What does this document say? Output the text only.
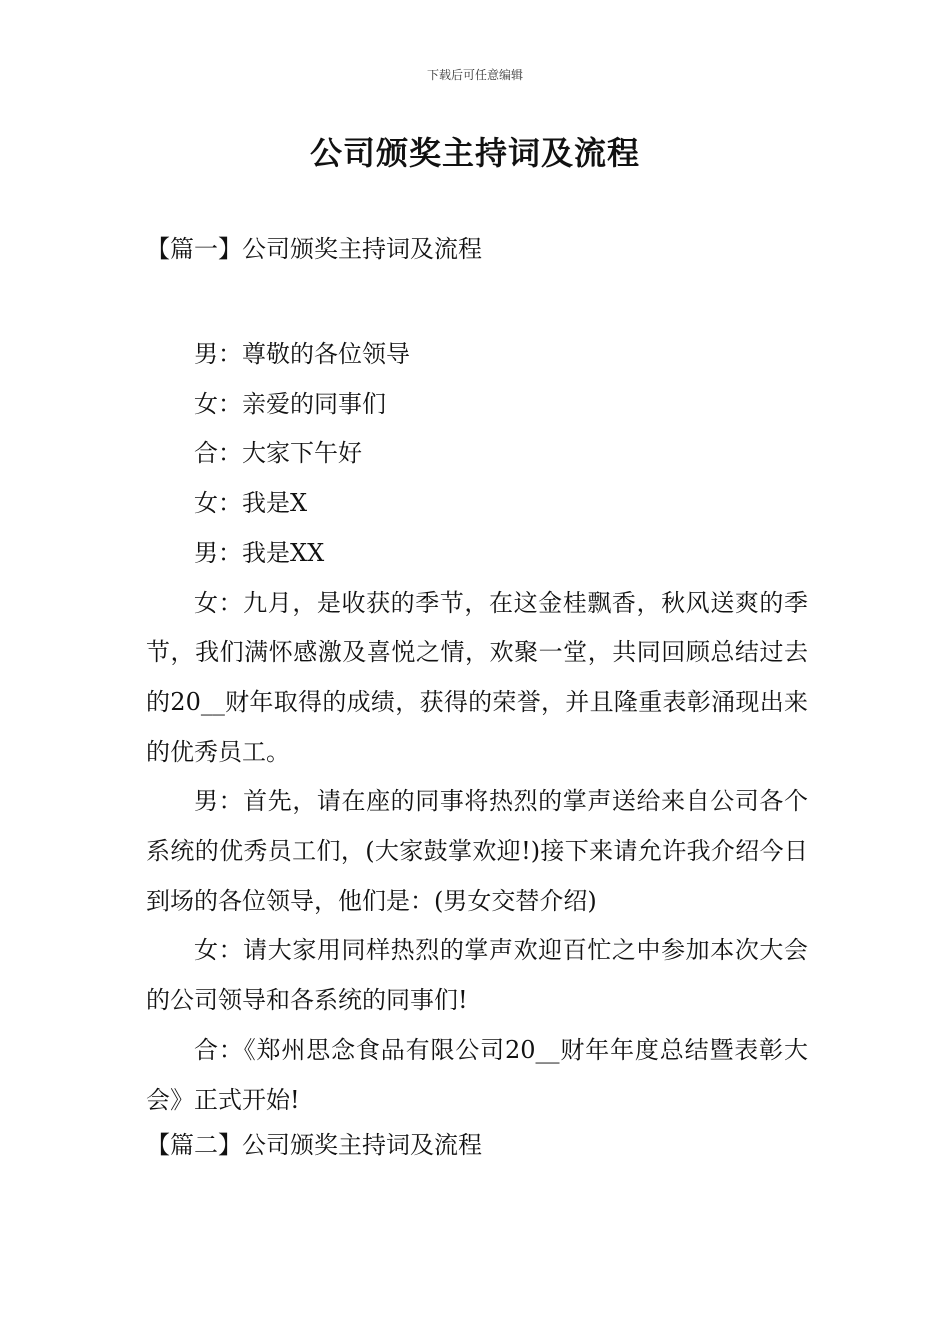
下载后可任意编辑
公司颁奖主持词及流程
【篇一】公司颁奖主持词及流程

男：尊敬的各位领导

女：亲爱的同事们

合：大家下午好

女：我是X

男：我是XX

女：九月，是收获的季节，在这金桂飘香，秋风送爽的季节，我们满怀感激及喜悦之情，欢聚一堂，共同回顾总结过去的20__财年取得的成绩，获得的荣誉，并且隆重表彰涌现出来的优秀员工。

男：首先，请在座的同事将热烈的掌声送给来自公司各个系统的优秀员工们，(大家鼓掌欢迎!)接下来请允许我介绍今日到场的各位领导，他们是：(男女交替介绍)

女：请大家用同样热烈的掌声欢迎百忙之中参加本次大会的公司领导和各系统的同事们!

合：《郑州思念食品有限公司20__财年年度总结暨表彰大会》正式开始!

【篇二】公司颁奖主持词及流程
